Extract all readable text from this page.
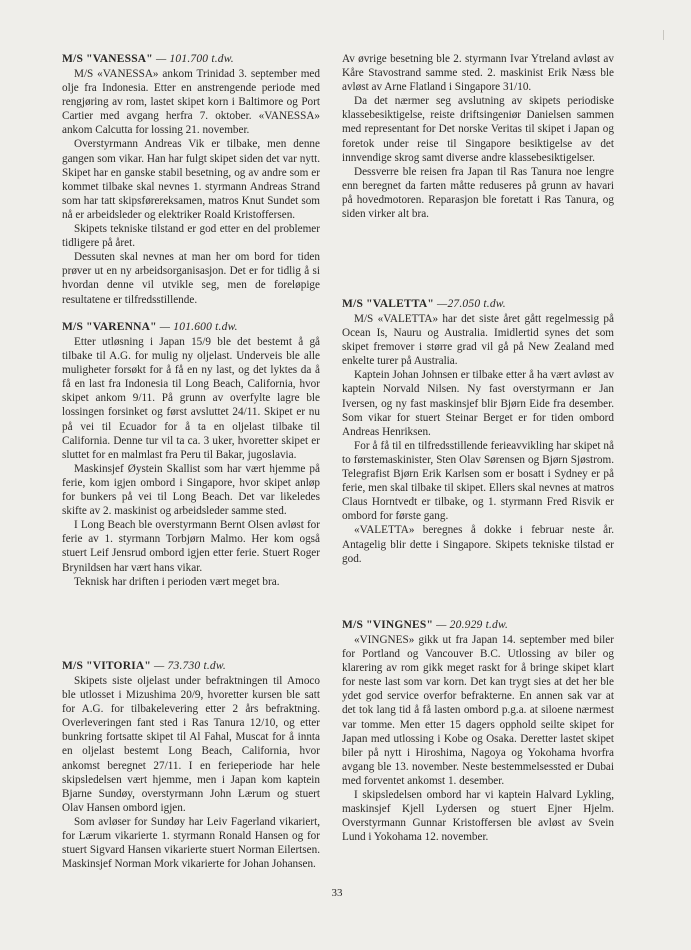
M/S "VANESSA" — 101.700 t.dw.

M/S «VANESSA» ankom Trinidad 3. september med olje fra Indonesia. Etter en anstrengende periode med rengjøring av rom, lastet skipet korn i Baltimore og Port Cartier med avgang herfra 7. oktober. «VANESSA» ankom Calcutta for lossing 21. november.

Overstyrmann Andreas Vik er tilbake, men denne gangen som vikar. Han har fulgt skipet siden det var nytt. Skipet har en ganske stabil besetning, og av andre som er kommet tilbake skal nevnes 1. styrmann Andreas Strand som har tatt skipsførereksamen, matros Knut Sundet som nå er arbeidsleder og elektriker Roald Kristoffersen.

Skipets tekniske tilstand er god etter en del problemer tidligere på året.

Dessuten skal nevnes at man her om bord for tiden prøver ut en ny arbeidsorganisasjon. Det er for tidlig å si hvordan denne vil utvikle seg, men de foreløpige resultatene er tilfredsstillende.

M/S "VARENNA" — 101.600 t.dw.

Etter utløsning i Japan 15/9 ble det bestemt å gå tilbake til A.G. for mulig ny oljelast. Underveis ble alle muligheter forsøkt for å få en ny last, og det lyktes da å få en last fra Indonesia til Long Beach, California, hvor skipet ankom 9/11. På grunn av overfylte lagre ble lossingen forsinket og først avsluttet 24/11. Skipet er nu på vei til Ecuador for å ta en oljelast tilbake til California. Denne tur vil ta ca. 3 uker, hvoretter skipet er sluttet for en malmlast fra Peru til Bakar, jugoslavia.

Maskinsjef Øystein Skallist som har vært hjemme på ferie, kom igjen ombord i Singapore, hvor skipet anløp for bunkers på vei til Long Beach. Det var likeledes skifte av 2. maskinist og arbeidsleder samme sted.

I Long Beach ble overstyrmann Bernt Olsen avløst for ferie av 1. styrmann Torbjørn Malmo. Her kom også stuert Leif Jensrud ombord igjen etter ferie. Stuert Roger Brynildsen har vært hans vikar.

Teknisk har driften i perioden vært meget bra.

M/S "VITORIA" — 73.730 t.dw.

Skipets siste oljelast under befraktningen til Amoco ble utlosset i Mizushima 20/9, hvoretter kursen ble satt for A.G. for tilbakelevering etter 2 års befraktning. Overleveringen fant sted i Ras Tanura 12/10, og etter bunkring fortsatte skipet til Al Fahal, Muscat for å innta en oljelast bestemt Long Beach, California, hvor ankomst beregnet 27/11. I en ferieperiode har hele skipsledelsen vært hjemme, men i Japan kom kaptein Bjarne Sundøy, overstyrmann John Lærum og stuert Olav Hansen ombord igjen.

Som avløser for Sundøy har Leiv Fagerland vikariert, for Lærum vikarierte 1. styrmann Ronald Hansen og for stuert Sigvard Hansen vikarierte stuert Norman Eilertsen. Maskinsjef Norman Mork vikarierte for Johan Johansen.

Av øvrige besetning ble 2. styrmann Ivar Ytreland avløst av Kåre Stavostrand samme sted. 2. maskinist Erik Næss ble avløst av Arne Flatland i Singapore 31/10.

Da det nærmer seg avslutning av skipets periodiske klassebesiktigelse, reiste driftsingeniør Danielsen sammen med representant for Det norske Veritas til skipet i Japan og foretok under reise til Singapore besiktigelse av det innvendige skrog samt diverse andre klassebesiktigelser.

Dessverre ble reisen fra Japan til Ras Tanura noe lengre enn beregnet da farten måtte reduseres på grunn av havari på hovedmotoren. Reparasjon ble foretatt i Ras Tanura, og siden virker alt bra.

M/S "VALETTA" —27.050 t.dw.

M/S «VALETTA» har det siste året gått regelmessig på Ocean Is, Nauru og Australia. Imidlertid synes det som skipet fremover i større grad vil gå på New Zealand med enkelte turer på Australia.

Kaptein Johan Johnsen er tilbake etter å ha vært avløst av kaptein Norvald Nilsen. Ny fast overstyrmann er Jan Iversen, og ny fast maskinsjef blir Bjørn Eide fra desember. Som vikar for stuert Steinar Berget er for tiden ombord Andreas Henriksen.

For å få til en tilfredsstillende ferieavvikling har skipet nå to førstemaskinister, Sten Olav Sørensen og Bjørn Sjøstrom. Telegrafist Bjørn Erik Karlsen som er bosatt i Sydney er på ferie, men skal tilbake til skipet. Ellers skal nevnes at matros Claus Horntvedt er tilbake, og 1. styrmann Fred Risvik er ombord for første gang.

«VALETTA» beregnes å dokke i februar neste år. Antagelig blir dette i Singapore. Skipets tekniske tilstad er god.

M/S "VINGNES" — 20.929 t.dw.

«VINGNES» gikk ut fra Japan 14. september med biler for Portland og Vancouver B.C. Utlossing av biler og klarering av rom gikk meget raskt for å bringe skipet klart for neste last som var korn. Det kan trygt sies at det her ble ydet god service overfor befrakterne. En annen sak var at det tok lang tid å få lasten ombord p.g.a. at siloene nærmest var tomme. Men etter 15 dagers opphold seilte skipet for Japan med utlossing i Kobe og Osaka. Deretter lastet skipet biler på nytt i Hiroshima, Nagoya og Yokohama hvorfra avgang ble 13. november. Neste bestemmelsessted er Dubai med forventet ankomst 1. desember.

I skipsledelsen ombord har vi kaptein Halvard Lykling, maskinsjef Kjell Lydersen og stuert Ejner Hjelm. Overstyrmann Gunnar Kristoffersen ble avløst av Svein Lund i Yokohama 12. november.

33
